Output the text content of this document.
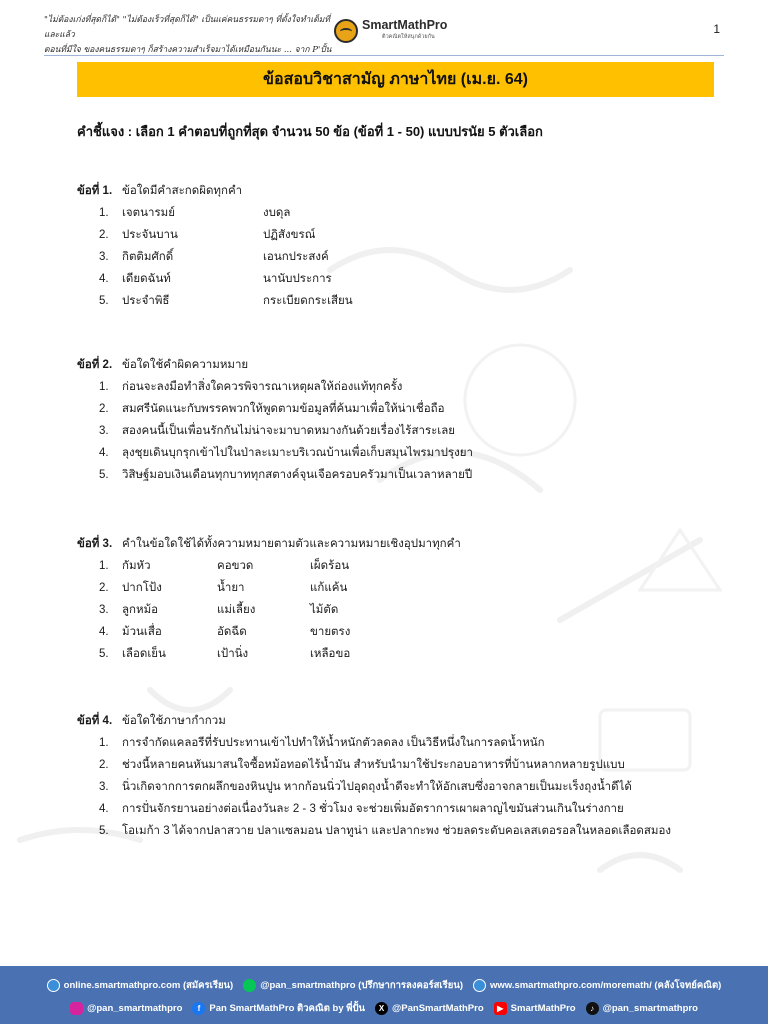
"ไม่ต้องเก่งที่สุดก็ได้" "ไม่ต้องเร็วที่สุดก็ได้" เป็นแค่คนธรรมดาๆ ที่ตั้งใจทำเต็มที่ และแล้ว
ตอนที่มีใจ ของคนธรรมดาๆ ก็สร้างความสำเร็จมาได้เหมือนกันนะ ... จาก P'ปั้น
SmartMathPro
ติวคณิตให้สนุกด้วยกัน
1
ข้อสอบวิชาสามัญ ภาษาไทย (เม.ย. 64)
คำชี้แจง : เลือก 1 คำตอบที่ถูกที่สุด จำนวน 50 ข้อ (ข้อที่ 1 - 50) แบบปรนัย 5 ตัวเลือก
ข้อที่ 1. ข้อใดมีคำสะกดผิดทุกคำ
1.	เจตนารมย์	งบดุล
2.	ประจันบาน	ปฏิสังขรณ์
3.	กิตติมศักดิ์	เอนกประสงค์
4.	เดียดฉันท์	นานับประการ
5.	ประจำพิธี	กระเบียดกระเสียน
ข้อที่ 2. ข้อใดใช้คำผิดความหมาย
1.	ก่อนจะลงมือทำสิ่งใดควรพิจารณาเหตุผลให้ถ่องแท้ทุกครั้ง
2.	สมศรีนัดแนะกับพรรคพวกให้พูดตามข้อมูลที่ค้นมาเพื่อให้น่าเชื่อถือ
3.	สองคนนี้เป็นเพื่อนรักกันไม่น่าจะมาบาดหมางกันด้วยเรื่องไร้สาระเลย
4.	ลุงชุยเดินบุกรุกเข้าไปในป่าละเมาะบริเวณบ้านเพื่อเก็บสมุนไพรมาปรุงยา
5.	วิสิษฐ์มอบเงินเดือนทุกบาททุกสตางค์จุนเจือครอบครัวมาเป็นเวลาหลายปี
ข้อที่ 3. คำในข้อใดใช้ได้ทั้งความหมายตามตัวและความหมายเชิงอุปมาทุกคำ
1.	กัมหัว	คอขวด	เผ็ดร้อน
2.	ปากโป้ง	น้ำยา	แก้แค้น
3.	ลูกหม้อ	แม่เลี้ยง	ไม้ตัด
4.	ม้วนเสื่อ	อัดฉีด	ขายตรง
5.	เลือดเย็น	เป้านิ่ง	เหลือขอ
ข้อที่ 4. ข้อใดใช้ภาษากำกวม
1.	การจำกัดแคลอรีที่รับประทานเข้าไปทำให้น้ำหนักตัวลดลง เป็นวิธีหนึ่งในการลดน้ำหนัก
2.	ช่วงนี้หลายคนหันมาสนใจซื้อหม้อทอดไร้น้ำมัน สำหรับนำมาใช้ประกอบอาหารที่บ้านหลากหลายรูปแบบ
3.	นิ่วเกิดจากการตกผลึกของหินปูน หากก้อนนิ่วไปอุดถุงน้ำดีจะทำให้อักเสบซึ่งอาจกลายเป็นมะเร็งถุงน้ำดีได้
4.	การปั่นจักรยานอย่างต่อเนื่องวันละ 2 - 3 ชั่วโมง จะช่วยเพิ่มอัตราการเผาผลาญไขมันส่วนเกินในร่างกาย
5.	โอเมก้า 3 ได้จากปลาสวาย ปลาแซลมอน ปลาทูน่า และปลากะพง ช่วยลดระดับคอเลสเตอรอลในหลอดเลือดสมอง
online.smartmathpro.com (สมัครเรียน)	@pan_smartmathpro (ปรึกษาการลงคอร์สเรียน)	www.smartmathpro.com/moremath/ (คลังโจทย์คณิต)
@pan_smartmathpro	f Pan SmartMathPro ติวคณิต by พี่ปั้น	X @PanSmartMathPro	▶ SmartMathPro	♪ @pan_smartmathpro
